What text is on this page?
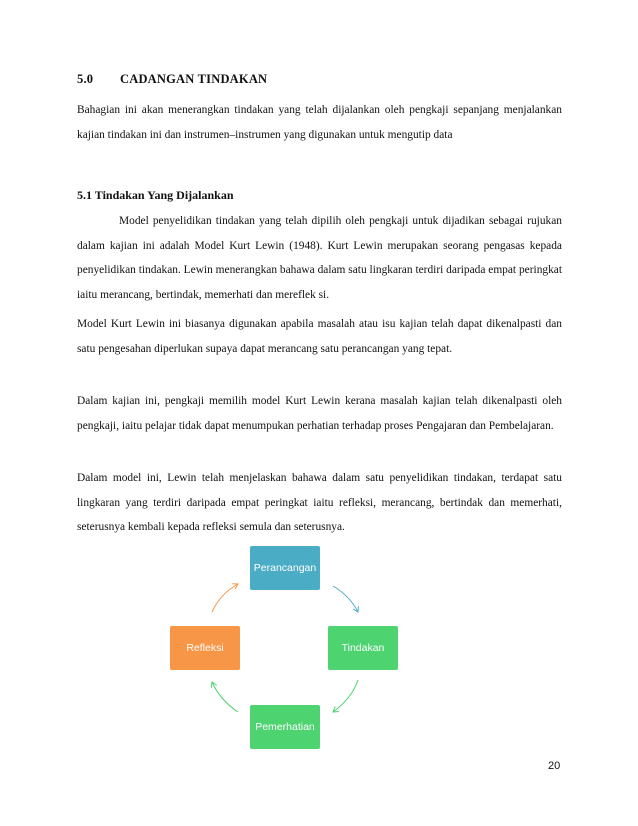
5.0 CADANGAN TINDAKAN

Bahagian ini akan menerangkan tindakan yang telah dijalankan oleh pengkaji sepanjang menjalankan kajian tindakan ini dan instrumen–instrumen yang digunakan untuk mengutip data

5.1 Tindakan Yang Dijalankan

Model penyelidikan tindakan yang telah dipilih oleh pengkaji untuk dijadikan sebagai rujukan dalam kajian ini adalah Model Kurt Lewin (1948). Kurt Lewin merupakan seorang pengasas kepada penyelidikan tindakan. Lewin menerangkan bahawa dalam satu lingkaran terdiri daripada empat peringkat iaitu merancang, bertindak, memerhati dan mereflek si.

Model Kurt Lewin ini biasanya digunakan apabila masalah atau isu kajian telah dapat dikenalpasti dan satu pengesahan diperlukan supaya dapat merancang satu perancangan yang tepat.

Dalam kajian ini, pengkaji memilih model Kurt Lewin kerana masalah kajian telah dikenalpasti oleh pengkaji, iaitu pelajar tidak dapat menumpukan perhatian terhadap proses Pengajaran dan Pembelajaran.

Dalam model ini, Lewin telah menjelaskan bahawa dalam satu penyelidikan tindakan, terdapat satu lingkaran yang terdiri daripada empat peringkat iaitu refleksi, merancang, bertindak dan memerhati, seterusnya kembali kepada refleksi semula dan seterusnya.

Perancangan
Tindakan
Pemerhatian
Refleksi
20
